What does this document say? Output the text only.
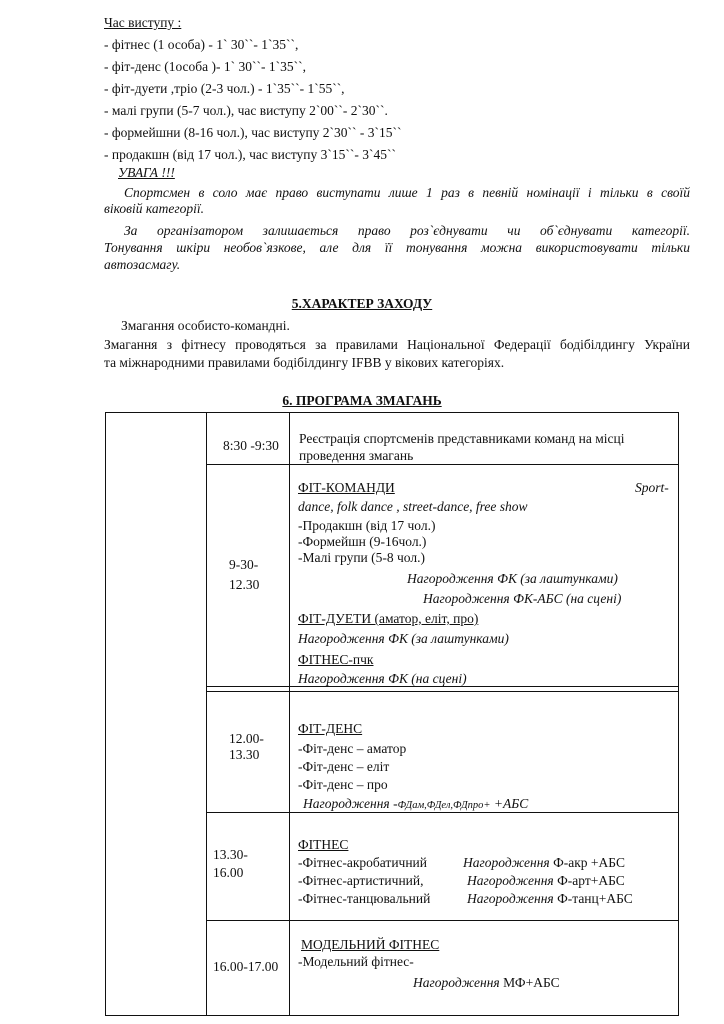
Час виступу :
- фітнес (1 особа) - 1` 30``- 1`35``,
- фіт-денс (1особа )- 1` 30``- 1`35``,
- фіт-дуети ,тріо (2-3 чол.) - 1`35``- 1`55``,
- малі групи (5-7 чол.), час виступу 2`00``- 2`30``.
- формейшни (8-16 чол.), час виступу 2`30`` - 3`15``
- продакшн (від 17 чол.), час виступу 3`15``- 3`45``
УВАГА !!!
Спортсмен в соло має право виступати лише 1 раз в певній номінації і тільки в своїй
віковій категорії.
За організатором залишається право роз`єднувати чи об`єднувати категорії.
Тонування шкіри необов`язкове, але для її тонування можна використовувати тільки
автозасмагу.
5.ХАРАКТЕР ЗАХОДУ
Змагання особисто-командні.
Змагання з фітнесу проводяться за правилами Національної Федерації бодібілдингу України
та міжнародними правилами бодібілдингу IFBB у вікових категоріях.
6. ПРОГРАМА ЗМАГАНЬ
8:30 -9:30 Реєстрація спортсменів представниками команд на місці
проведення змагань
9-30-
12.30
ФІТ-КОМАНДИ	Sport-
dance, folk dance , street-dance, free show
-Продакшн (від 17 чол.)
-Формейшн (9-16чол.)
-Малі групи (5-8 чол.)
Нагородження ФК (за лаштунками)
Нагородження ФК-АБС (на сцені)
ФІТ-ДУЕТИ (аматор, еліт, про)
Нагородження ФК (за лаштунками)
ФІТНЕС-пчк
Нагородження ФК (на сцені)
12.00-
13.30
ФІТ-ДЕНС
-Фіт-денс – аматор
-Фіт-денс – еліт
-Фіт-денс – про
Нагородження -ФДам,ФДел,ФДпро+ +АБС
13.30-
16.00
ФІТНЕС
-Фітнес-акробатичний	Нагородження Ф-акр +АБС
-Фітнес-артистичний,	Нагородження Ф-арт+АБС
-Фітнес-танцювальний	Нагородження Ф-танц+АБС
16.00-17.00
МОДЕЛЬНИЙ ФІТНЕС
-Модельний фітнес-
Нагородження МФ+АБС
